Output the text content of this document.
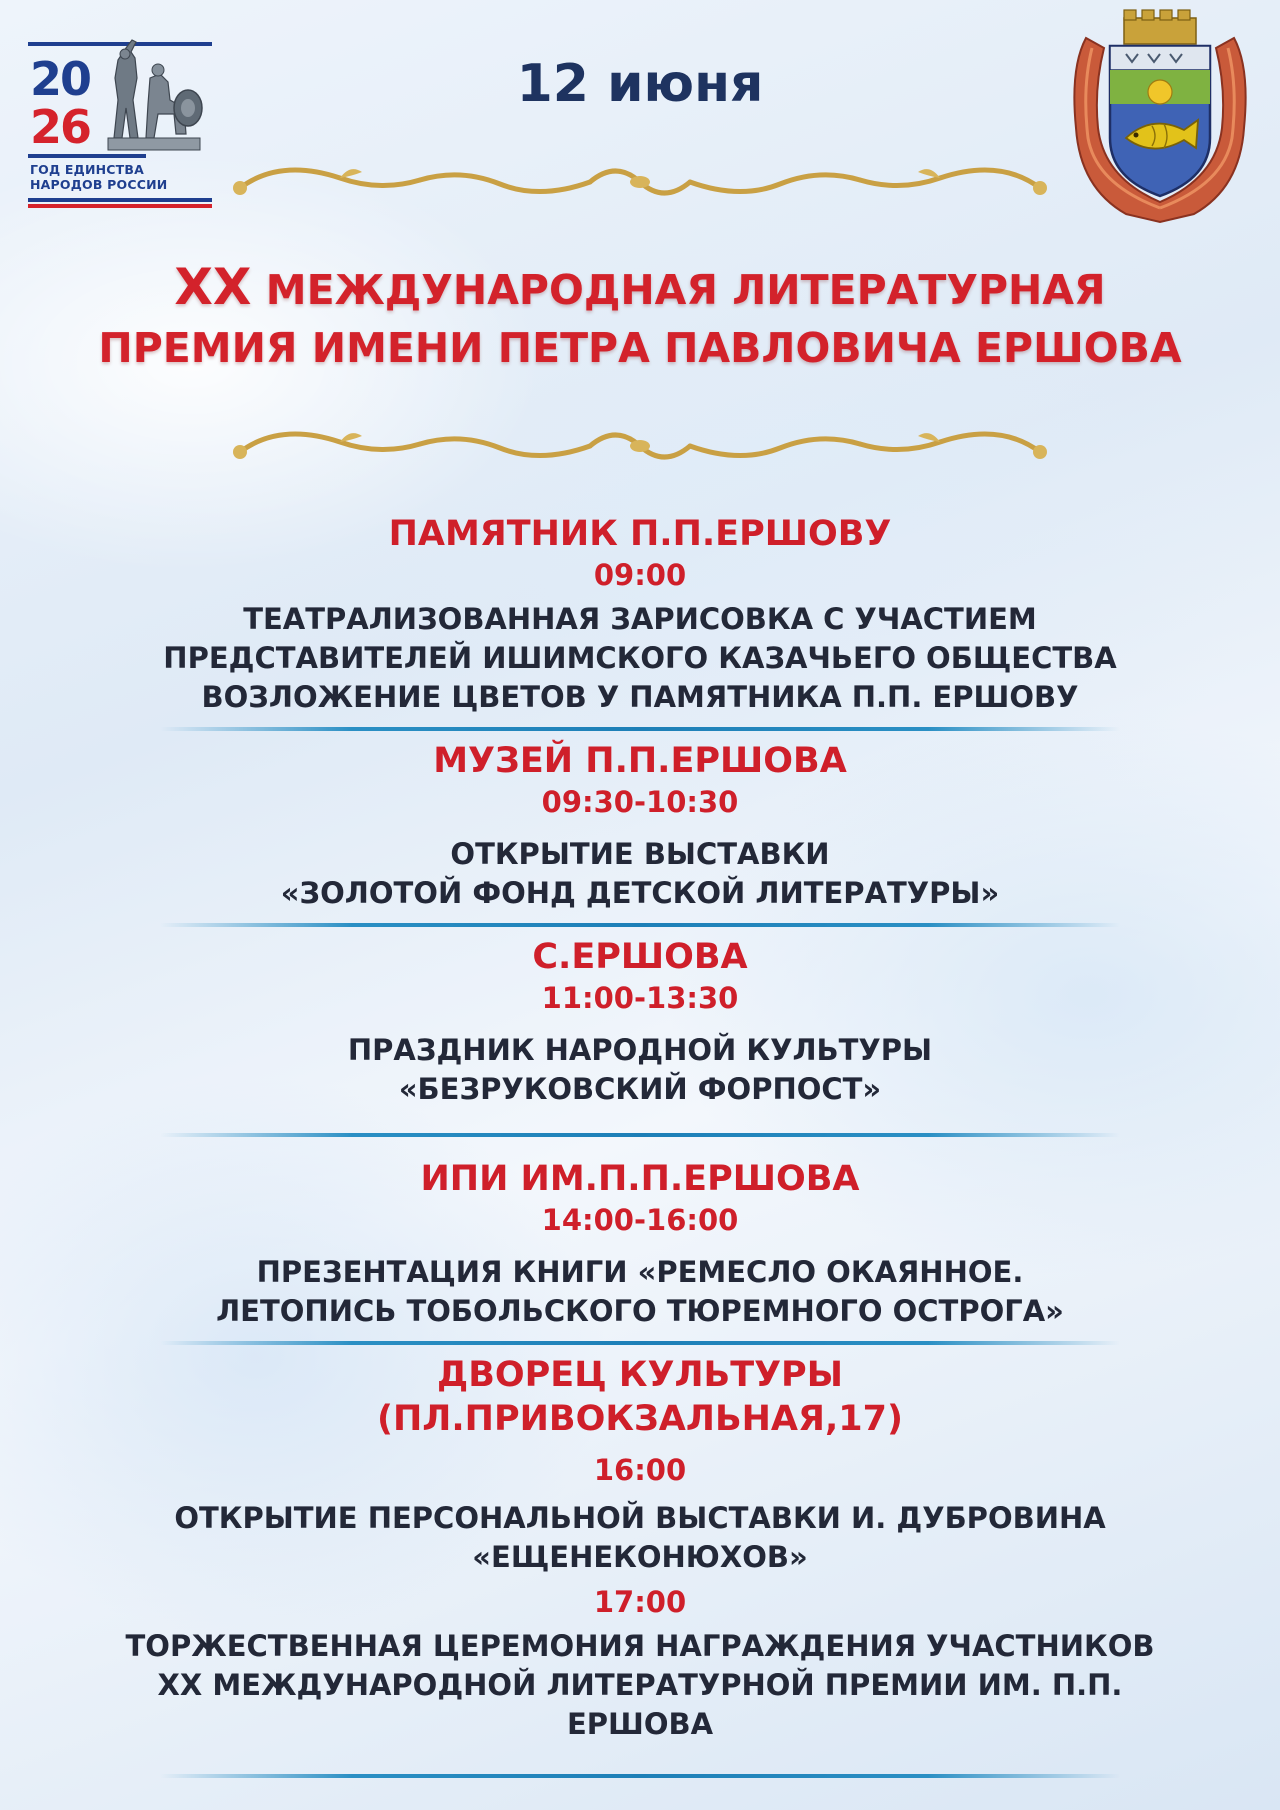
20
26
ГОД ЕДИНСТВА
НАРОДОВ РОССИИ
12 июня
XX МЕЖДУНАРОДНАЯ ЛИТЕРАТУРНАЯ
ПРЕМИЯ ИМЕНИ ПЕТРА ПАВЛОВИЧА ЕРШОВА
ПАМЯТНИК П.П.ЕРШОВУ
09:00
ТЕАТРАЛИЗОВАННАЯ ЗАРИСОВКА С УЧАСТИЕМ
ПРЕДСТАВИТЕЛЕЙ ИШИМСКОГО КАЗАЧЬЕГО ОБЩЕСТВА
ВОЗЛОЖЕНИЕ ЦВЕТОВ У ПАМЯТНИКА П.П. ЕРШОВУ
МУЗЕЙ П.П.ЕРШОВА
09:30-10:30
ОТКРЫТИЕ ВЫСТАВКИ
«ЗОЛОТОЙ ФОНД ДЕТСКОЙ ЛИТЕРАТУРЫ»
С.ЕРШОВА
11:00-13:30
ПРАЗДНИК НАРОДНОЙ КУЛЬТУРЫ
«БЕЗРУКОВСКИЙ ФОРПОСТ»
ИПИ ИМ.П.П.ЕРШОВА
14:00-16:00
ПРЕЗЕНТАЦИЯ КНИГИ «РЕМЕСЛО ОКАЯННОЕ.
ЛЕТОПИСЬ ТОБОЛЬСКОГО ТЮРЕМНОГО ОСТРОГА»
ДВОРЕЦ КУЛЬТУРЫ
(ПЛ.ПРИВОКЗАЛЬНАЯ,17)
16:00
ОТКРЫТИЕ ПЕРСОНАЛЬНОЙ ВЫСТАВКИ И. ДУБРОВИНА
«ЕЩЕНЕКОНЮХОВ»
17:00
ТОРЖЕСТВЕННАЯ ЦЕРЕМОНИЯ НАГРАЖДЕНИЯ УЧАСТНИКОВ
XX МЕЖДУНАРОДНОЙ ЛИТЕРАТУРНОЙ ПРЕМИИ ИМ. П.П.
ЕРШОВА
